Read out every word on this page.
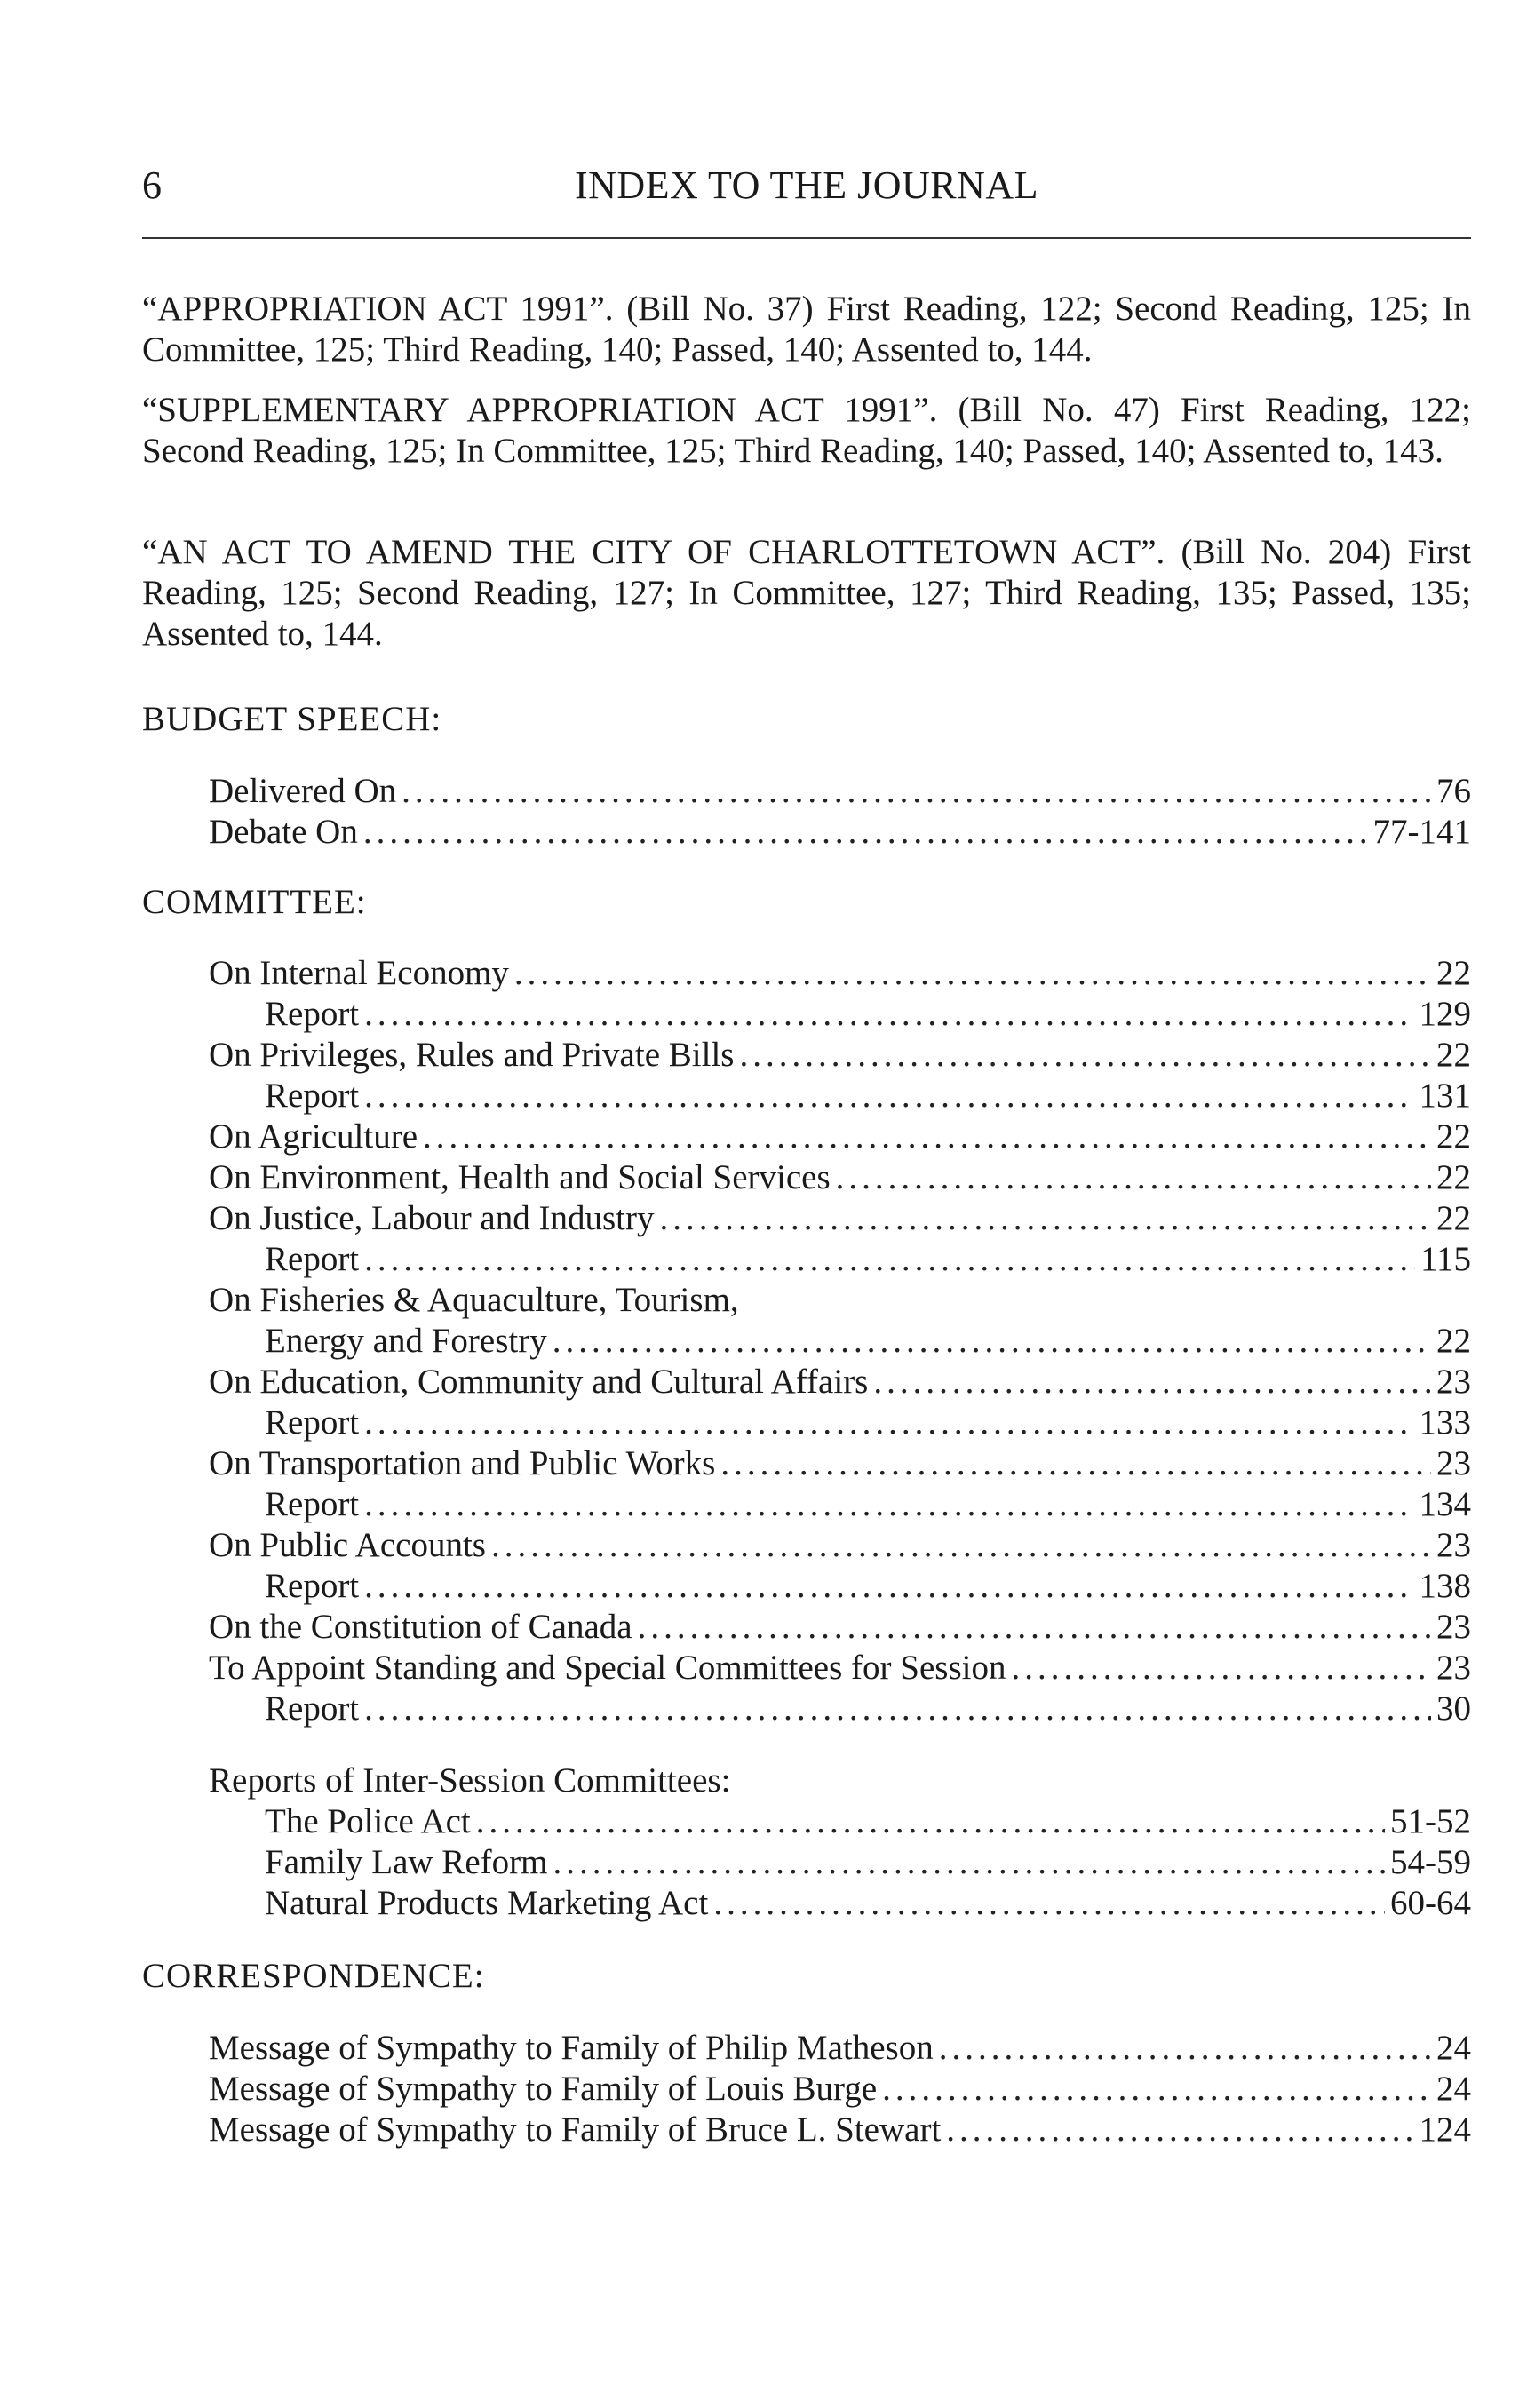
6	INDEX TO THE JOURNAL

“APPROPRIATION ACT 1991”. (Bill No. 37) First Reading, 122; Second Reading, 125; In Committee, 125; Third Reading, 140; Passed, 140; Assented to, 144.

“SUPPLEMENTARY APPROPRIATION ACT 1991”. (Bill No. 47) First Reading, 122; Second Reading, 125; In Committee, 125; Third Reading, 140; Passed, 140; Assented to, 143.

“AN ACT TO AMEND THE CITY OF CHARLOTTETOWN ACT”. (Bill No. 204) First Reading, 125; Second Reading, 127; In Committee, 127; Third Reading, 135; Passed, 135; Assented to, 144.

BUDGET SPEECH:
Delivered On .....	76
Debate On .....	77-141
COMMITTEE:
On Internal Economy .....	22
Report .....	129
On Privileges, Rules and Private Bills .....	22
Report .....	131
On Agriculture .....	22
On Environment, Health and Social Services .....	22
On Justice, Labour and Industry .....	22
Report .....	115
On Fisheries & Aquaculture, Tourism,
Energy and Forestry .....	22
On Education, Community and Cultural Affairs .....	23
Report .....	133
On Transportation and Public Works .....	23
Report .....	134
On Public Accounts .....	23
Report .....	138
On the Constitution of Canada .....	23
To Appoint Standing and Special Committees for Session .....	23
Report .....	30
Reports of Inter-Session Committees:
The Police Act .....	51-52
Family Law Reform .....	54-59
Natural Products Marketing Act .....	60-64
CORRESPONDENCE:
Message of Sympathy to Family of Philip Matheson .....	24
Message of Sympathy to Family of Louis Burge .....	24
Message of Sympathy to Family of Bruce L. Stewart .....	124
